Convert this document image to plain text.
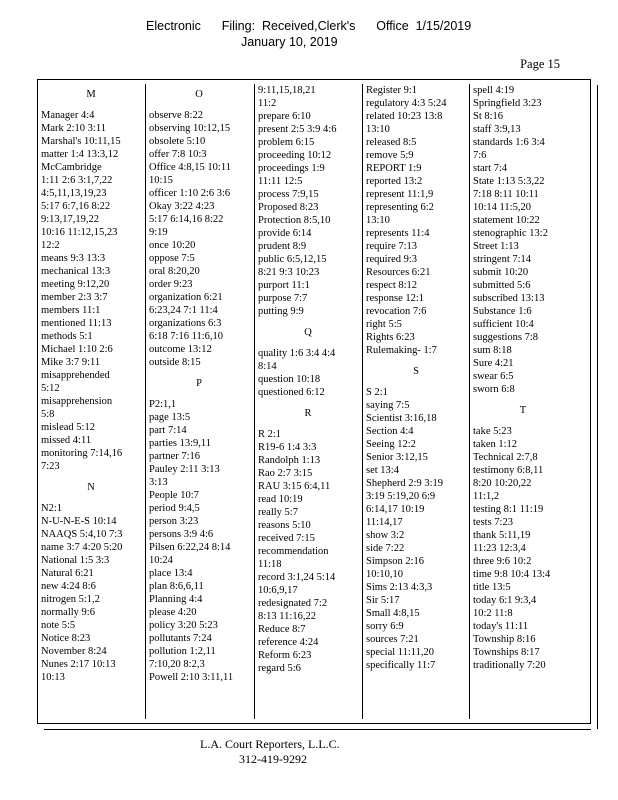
Electronic      Filing:  Received,Clerk's      Office  1/15/2019
January 10, 2019
Page 15
M
Manager 4:4
Mark 2:10 3:11
Marshal's 10:11,15
matter 1:4 13:3,12
McCambridge
1:11 2:6 3:1,7,22
4:5,11,13,19,23
5:17 6:7,16 8:22
9:13,17,19,22
10:16 11:12,15,23
12:2
means 9:3 13:3
mechanical 13:3
meeting 9:12,20
member 2:3 3:7
members 11:1
mentioned 11:13
methods 5:1
Michael 1:10 2:6
Mike 3:7 9:11
misapprehended
5:12
misapprehension
5:8
mislead 5:12
missed 4:11
monitoring 7:14,16
7:23
N
N2:1
N-U-N-E-S 10:14
NAAQS 5:4,10 7:3
name 3:7 4:20 5:20
National 1:5 3:3
Natural 6:21
new 4:24 8:6
nitrogen 5:1,2
normally 9:6
note 5:5
Notice 8:23
November 8:24
Nunes 2:17 10:13
10:13
O
observe 8:22
observing 10:12,15
obsolete 5:10
offer 7:8 10:3
Office 4:8,15 10:11
10:15
officer 1:10 2:6 3:6
Okay 3:22 4:23
5:17 6:14,16 8:22
9:19
once 10:20
oppose 7:5
oral 8:20,20
order 9:23
organization 6:21
6:23,24 7:1 11:4
organizations 6:3
6:18 7:16 11:6,10
outcome 13:12
outside 8:15
P
P2:1,1
page 13:5
part 7:14
parties 13:9,11
partner 7:16
Pauley 2:11 3:13
3:13
People 10:7
period 9:4,5
person 3:23
persons 3:9 4:6
Pilsen 6:22,24 8:14
10:24
place 13:4
plan 8:6,6,11
Planning 4:4
please 4:20
policy 3:20 5:23
pollutants 7:24
pollution 1:2,11
7:10,20 8:2,3
Powell 2:10 3:11,11
9:11,15,18,21
11:2
prepare 6:10
present 2:5 3:9 4:6
problem 6:15
proceeding 10:12
proceedings 1:9
11:11 12:5
process 7:9,15
Proposed 8:23
Protection 8:5,10
provide 6:14
prudent 8:9
public 6:5,12,15
8:21 9:3 10:23
purport 11:1
purpose 7:7
putting 9:9
Q
quality 1:6 3:4 4:4
8:14
question 10:18
questioned 6:12
R
R 2:1
R19-6 1:4 3:3
Randolph 1:13
Rao 2:7 3:15
RAU 3:15 6:4,11
read 10:19
really 5:7
reasons 5:10
received 7:15
recommendation
11:18
record 3:1,24 5:14
10:6,9,17
redesignated 7:2
8:13 11:16,22
Reduce 8:7
reference 4:24
Reform 6:23
regard 5:6
Register 9:1
regulatory 4:3 5:24
related 10:23 13:8
13:10
released 8:5
remove 5:9
REPORT 1:9
reported 13:2
represent 11:1,9
representing 6:2
13:10
represents 11:4
require 7:13
required 9:3
Resources 6:21
respect 8:12
response 12:1
revocation 7:6
right 5:5
Rights 6:23
Rulemaking- 1:7
S
S 2:1
saying 7:5
Scientist 3:16,18
Section 4:4
Seeing 12:2
Senior 3:12,15
set 13:4
Shepherd 2:9 3:19
3:19 5:19,20 6:9
6:14,17 10:19
11:14,17
show 3:2
side 7:22
Simpson 2:16
10:10,10
Sims 2:13 4:3,3
Sir 5:17
Small 4:8,15
sorry 6:9
sources 7:21
special 11:11,20
specifically 11:7
spell 4:19
Springfield 3:23
St 8:16
staff 3:9,13
standards 1:6 3:4
7:6
start 7:4
State 1:13 5:3,22
7:18 8:11 10:11
10:14 11:5,20
statement 10:22
stenographic 13:2
Street 1:13
stringent 7:14
submit 10:20
submitted 5:6
subscribed 13:13
Substance 1:6
sufficient 10:4
suggestions 7:8
sum 8:18
Sure 4:21
swear 6:5
sworn 6:8
T
take 5:23
taken 1:12
Technical 2:7,8
testimony 6:8,11
8:20 10:20,22
11:1,2
testing 8:1 11:19
tests 7:23
thank 5:11,19
11:23 12:3,4
three 9:6 10:2
time 9:8 10:4 13:4
title 13:5
today 6:1 9:3,4
10:2 11:8
today's 11:11
Township 8:16
Townships 8:17
traditionally 7:20
L.A. Court Reporters, L.L.C.
312-419-9292
